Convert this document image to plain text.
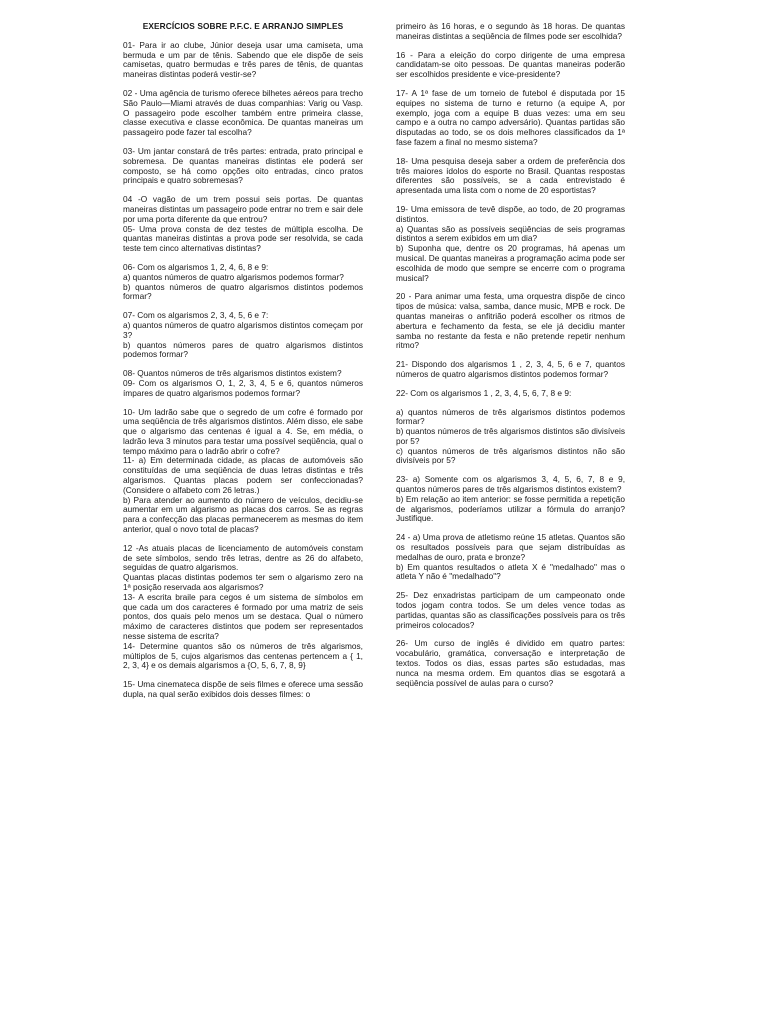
EXERCÍCIOS SOBRE P.F.C. E ARRANJO SIMPLES
01- Para ir ao clube, Júnior deseja usar uma camiseta, uma bermuda e um par de tênis. Sabendo que ele dispõe de seis camisetas, quatro bermudas e três pares de tênis, de quantas maneiras distintas poderá vestir-se?
02 - Uma agência de turismo oferece bilhetes aéreos para trecho São Paulo—Miami através de duas companhias: Varig ou Vasp. O passageiro pode escolher também entre primeira classe, classe executiva e classe econômica. De quantas maneiras um passageiro pode fazer tal escolha?
03- Um jantar constará de três partes: entrada, prato principal e sobremesa. De quantas maneiras distintas ele poderá ser composto, se há como opções oito entradas, cinco pratos principais e quatro sobremesas?
04 -O vagão de um trem possui seis portas. De quantas maneiras distintas um passageiro pode entrar no trem e sair dele por uma porta diferente da que entrou?
05- Uma prova consta de dez testes de múltipla escolha. De quantas maneiras distintas a prova pode ser resolvida, se cada teste tem cinco alternativas distintas?
06- Com os algarismos 1, 2, 4, 6, 8 e 9:
a) quantos números de quatro algarismos podemos formar?
b) quantos números de quatro algarismos distintos podemos formar?
07- Com os algarismos 2, 3, 4, 5, 6 e 7:
a) quantos números de quatro algarismos distintos começam por 3?
b) quantos números pares de quatro algarismos distintos podemos formar?
08- Quantos números de três algarismos distintos existem?
09- Com os algarismos O, 1, 2, 3, 4, 5 e 6, quantos números ímpares de quatro algarismos podemos formar?
10- Um ladrão sabe que o segredo de um cofre é formado por uma seqüência de três algarismos distintos. Além disso, ele sabe que o algarismo das centenas é igual a 4. Se, em média, o ladrão leva 3 minutos para testar uma possível seqüência, qual o tempo máximo para o ladrão abrir o cofre?
11- a) Em determinada cidade, as placas de automóveis são constituídas de uma seqüência de duas letras distintas e três algarismos. Quantas placas podem ser confeccionadas? (Considere o alfabeto com 26 letras.)
b) Para atender ao aumento do número de veículos, decidiu-se aumentar em um algarismo as placas dos carros. Se as regras para a confecção das placas permanecerem as mesmas do item anterior, qual o novo total de placas?
12 -As atuais placas de licenciamento de automóveis constam de sete símbolos, sendo três letras, dentre as 26 do alfabeto, seguidas de quatro algarismos.
Quantas placas distintas podemos ter sem o algarismo zero na 1ª posição reservada aos algarismos?
13- A escrita braile para cegos é um sistema de símbolos em que cada um dos caracteres é formado por uma matriz de seis pontos, dos quais pelo menos um se destaca. Qual o número máximo de caracteres distintos que podem ser representados nesse sistema de escrita?
14- Determine quantos são os números de três algarismos, múltiplos de 5, cujos algarismos das centenas pertencem a { 1, 2, 3, 4} e os demais algarismos a {O, 5, 6, 7, 8, 9}
15- Uma cinemateca dispõe de seis filmes e oferece uma sessão dupla, na qual serão exibidos dois desses filmes: o
primeiro às 16 horas, e o segundo às 18 horas. De quantas maneiras distintas a seqüência de filmes pode ser escolhida?
16 - Para a eleição do corpo dirigente de uma empresa candidatam-se oito pessoas. De quantas maneiras poderão ser escolhidos presidente e vice-presidente?
17- A 1ª fase de um torneio de futebol é disputada por 15 equipes no sistema de turno e returno (a equipe A, por exemplo, joga com a equipe B duas vezes: uma em seu campo e a outra no campo adversário). Quantas partidas são disputadas ao todo, se os dois melhores classificados da 1ª fase fazem a final no mesmo sistema?
18- Uma pesquisa deseja saber a ordem de preferência dos três maiores ídolos do esporte no Brasil. Quantas respostas diferentes são possíveis, se a cada entrevistado é apresentada uma lista com o nome de 20 esportistas?
19- Uma emissora de tevê dispõe, ao todo, de 20 programas distintos.
a) Quantas são as possíveis seqüências de seis programas distintos a serem exibidos em um dia?
b) Suponha que, dentre os 20 programas, há apenas um musical. De quantas maneiras a programação acima pode ser escolhida de modo que sempre se encerre com o programa musical?
20 - Para animar uma festa, uma orquestra dispõe de cinco tipos de música: valsa, samba, dance music, MPB e rock. De quantas maneiras o anfitrião poderá escolher os ritmos de abertura e fechamento da festa, se ele já decidiu manter samba no restante da festa e não pretende repetir nenhum ritmo?
21- Dispondo dos algarismos 1 , 2, 3, 4, 5, 6 e 7, quantos números de quatro algarismos distintos podemos formar?
22- Com os algarismos 1 , 2, 3, 4, 5, 6, 7, 8 e 9:
a) quantos números de três algarismos distintos podemos formar?
b) quantos números de três algarismos distintos são divisíveis por 5?
c) quantos números de três algarismos distintos não são divisíveis por 5?
23- a) Somente com os algarismos 3, 4, 5, 6, 7, 8 e 9, quantos números pares de três algarismos distintos existem?
b) Em relação ao item anterior: se fosse permitida a repetição de algarismos, poderíamos utilizar a fórmula do arranjo? Justifique.
24 - a) Uma prova de atletismo reúne 15 atletas. Quantos são os resultados possíveis para que sejam distribuídas as medalhas de ouro, prata e bronze?
b) Em quantos resultados o atleta X é "medalhado" mas o atleta Y não é "medalhado"?
25- Dez enxadristas participam de um campeonato onde todos jogam contra todos. Se um deles vence todas as partidas, quantas são as classificações possíveis para os três primeiros colocados?
26- Um curso de inglês é dividido em quatro partes: vocabulário, gramática, conversação e interpretação de textos. Todos os dias, essas partes são estudadas, mas nunca na mesma ordem. Em quantos dias se esgotará a seqüência possível de aulas para o curso?
